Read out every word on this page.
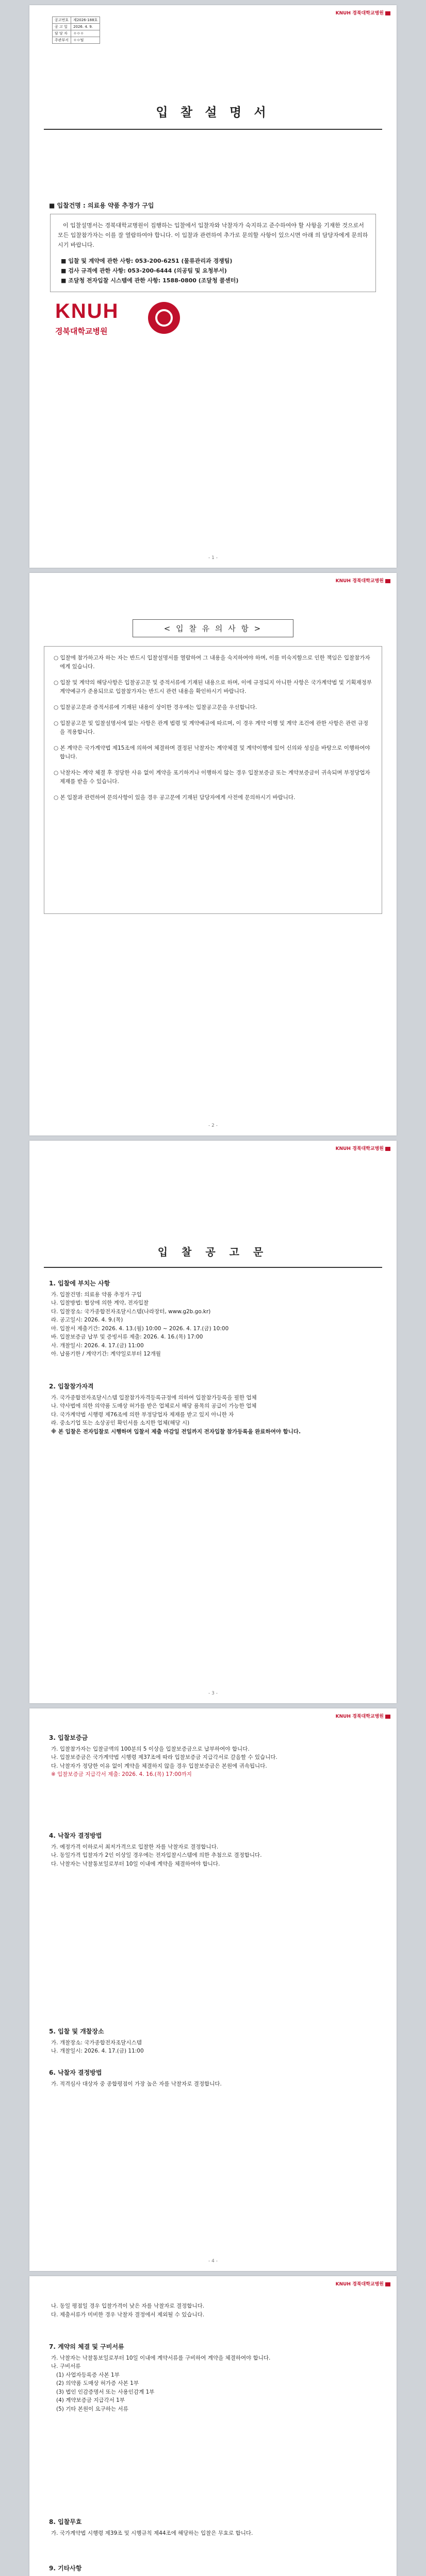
KNUH 경북대학교병원
공고번호	제2026-188호
공 고 일	2026. 4. 9.
담 당 자	ㅇㅇㅇ
주관부서	ㅇㅇ팀
입 찰 설 명 서
■ 입찰건명 : 의료용 약품 추정가 구입

이 입찰설명서는 경북대학교병원이 집행하는 입찰에서 입찰자와 낙찰자가 숙지하고 준수하여야 할 사항을 기재한 것으로서 모든 입찰참가자는 이를 잘 열람하여야 합니다. 이 입찰과 관련하여 추가로 문의할 사항이 있으시면 아래 의 담당자에게 문의하시기 바랍니다.

■ 입찰 및 계약에 관한 사항: 053-200-6251 (물류관리과 경쟁팀)
■ 검사 규격에 관한 사항: 053-200-6444 (의공팀 및 요청부서)
■ 조달청 전자입찰 시스템에 관한 사항: 1588-0800 (조달청 콜센터)
KNUH
경북대학교병원
- 1 -
KNUH 경북대학교병원
< 입 찰 유 의 사 항 >
○ 입찰에 참가하고자 하는 자는 반드시 입찰설명서를 열람하여 그 내용을 숙지하여야 하며, 이를 미숙지함으로 인한 책임은 입찰참가자에게 있습니다.
○ 입찰 및 계약의 해당사항은 입찰공고문 및 증적서류에 기재된 내용으로 하며, 이에 규정되지 아니한 사항은 국가계약법 및 기획재정부 계약예규가 준용되므로 입찰참가자는 반드시 관련 내용을 확인하시기 바랍니다.
○ 입찰공고문과 증적서류에 기재된 내용이 상이한 경우에는 입찰공고문을 우선합니다.
○ 입찰공고문 및 입찰설명서에 없는 사항은 관계 법령 및 계약예규에 따르며, 이 경우 계약 이행 및 계약 조건에 관한 사항은 관련 규정을 적용합니다.
○ 본 계약은 국가계약법 제15조에 의하여 체결하며 결정된 낙찰자는 계약체결 및 계약이행에 있어 신의와 성실을 바탕으로 이행하여야 합니다.
○ 낙찰자는 계약 체결 후 정당한 사유 없이 계약을 포기하거나 이행하지 않는 경우 입찰보증금 또는 계약보증금이 귀속되며 부정당업자 제재를 받을 수 있습니다.
○ 본 입찰과 관련하여 문의사항이 있을 경우 공고문에 기재된 담당자에게 사전에 문의하시기 바랍니다.
- 2 -
KNUH 경북대학교병원
입 찰 공 고 문
1. 입찰에 부치는 사항
가. 입찰건명: 의료용 약품 추정가 구입
나. 입찰방법: 협상에 의한 계약, 전자입찰
다. 입찰장소: 국가종합전자조달시스템(나라장터, www.g2b.go.kr)
라. 공고일시: 2026. 4. 9.(목)
마. 입찰서 제출기간: 2026. 4. 13.(월) 10:00 ~ 2026. 4. 17.(금) 10:00
바. 입찰보증금 납부 및 증빙서류 제출: 2026. 4. 16.(목) 17:00
사. 개찰일시: 2026. 4. 17.(금) 11:00
아. 납품기한 / 계약기간: 계약일로부터 12개월
2. 입찰참가자격
가. 국가종합전자조달시스템 입찰참가자격등록규정에 의하여 입찰참가등록을 필한 업체
나. 약사법에 의한 의약품 도매상 허가를 받은 업체로서 해당 품목의 공급이 가능한 업체
다. 국가계약법 시행령 제76조에 의한 부정당업자 제재를 받고 있지 아니한 자
라. 중소기업 또는 소상공인 확인서를 소지한 업체(해당 시)
※ 본 입찰은 전자입찰로 시행하며 입찰서 제출 마감일 전일까지 전자입찰 참가등록을 완료하여야 합니다.
- 3 -
KNUH 경북대학교병원
3. 입찰보증금
가. 입찰참가자는 입찰금액의 100분의 5 이상을 입찰보증금으로 납부하여야 합니다.
나. 입찰보증금은 국가계약법 시행령 제37조에 따라 입찰보증금 지급각서로 갈음할 수 있습니다.
다. 낙찰자가 정당한 이유 없이 계약을 체결하지 않을 경우 입찰보증금은 본원에 귀속됩니다.
※ 입찰보증금 지급각서 제출: 2026. 4. 16.(목) 17:00까지
4. 낙찰자 결정방법
가. 예정가격 이하로서 최저가격으로 입찰한 자를 낙찰자로 결정합니다.
나. 동일가격 입찰자가 2인 이상일 경우에는 전자입찰시스템에 의한 추첨으로 결정합니다.
다. 낙찰자는 낙찰통보일로부터 10일 이내에 계약을 체결하여야 합니다.
5. 입찰 및 개찰장소
가. 개찰장소: 국가종합전자조달시스템
나. 개찰일시: 2026. 4. 17.(금) 11:00
6. 낙찰자 결정방법
가. 적격심사 대상자 중 종합평점이 가장 높은 자를 낙찰자로 결정합니다.
- 4 -
KNUH 경북대학교병원
나. 동일 평점일 경우 입찰가격이 낮은 자를 낙찰자로 결정합니다.
다. 제출서류가 미비한 경우 낙찰자 결정에서 제외될 수 있습니다.
7. 계약의 체결 및 구비서류
가. 낙찰자는 낙찰통보일로부터 10일 이내에 계약서류를 구비하여 계약을 체결하여야 합니다.
나. 구비서류
(1) 사업자등록증 사본 1부
(2) 의약품 도매상 허가증 사본 1부
(3) 법인 인감증명서 또는 사용인감계 1부
(4) 계약보증금 지급각서 1부
(5) 기타 본원이 요구하는 서류
8. 입찰무효
가. 국가계약법 시행령 제39조 및 시행규칙 제44조에 해당하는 입찰은 무효로 합니다.
9. 기타사항
